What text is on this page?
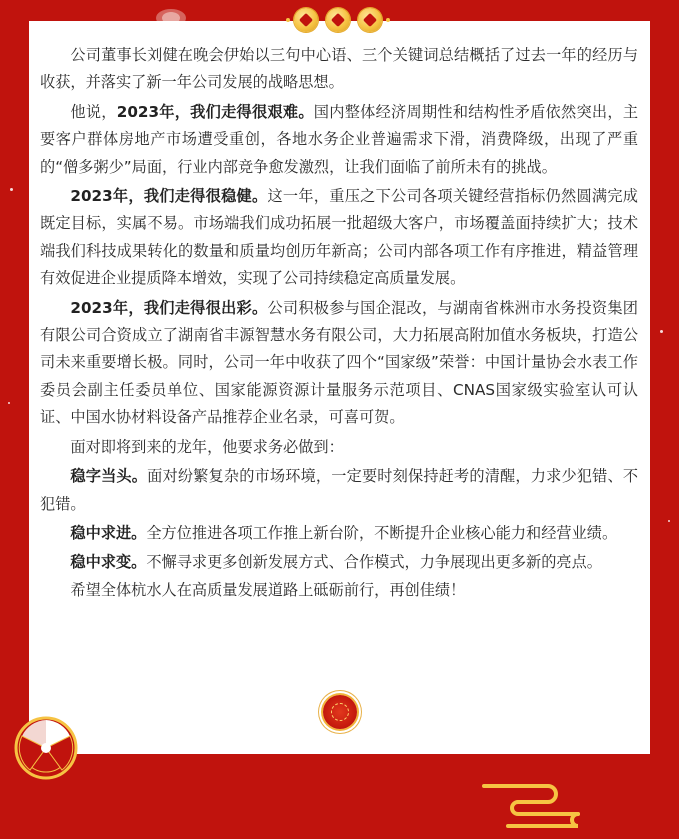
公司董事长刘健在晚会伊始以三句中心语、三个关键词总结概括了过去一年的经历与收获，并落实了新一年公司发展的战略思想。

他说，2023年，我们走得很艰难。国内整体经济周期性和结构性矛盾依然突出，主要客户群体房地产市场遭受重创，各地水务企业普遍需求下滑，消费降级，出现了严重的“僧多粥少”局面，行业内部竞争愈发激烈，让我们面临了前所未有的挑战。

2023年，我们走得很稳健。这一年，重压之下公司各项关键经营指标仍然圆满完成既定目标，实属不易。市场端我们成功拓展一批超级大客户，市场覆盖面持续扩大；技术端我们科技成果转化的数量和质量均创历年新高；公司内部各项工作有序推进，精益管理有效促进企业提质降本增效，实现了公司持续稳定高质量发展。

2023年，我们走得很出彩。公司积极参与国企混改，与湖南省株洲市水务投资集团有限公司合资成立了湖南省丰源智慧水务有限公司，大力拓展高附加值水务板块，打造公司未来重要增长极。同时，公司一年中收获了四个“国家级”荣誉：中国计量协会水表工作委员会副主任委员单位、国家能源资源计量服务示范项目、CNAS国家级实验室认可认证、中国水协材料设备产品推荐企业名录，可喜可贺。

面对即将到来的龙年，他要求务必做到：

稳字当头。面对纷繁复杂的市场环境，一定要时刻保持赶考的清醒，力求少犯错、不犯错。

稳中求进。全方位推进各项工作推上新台阶，不断提升企业核心能力和经营业绩。

稳中求变。不懈寻求更多创新发展方式、合作模式，力争展现出更多新的亮点。

希望全体杭水人在高质量发展道路上砥砺前行，再创佳绩！
